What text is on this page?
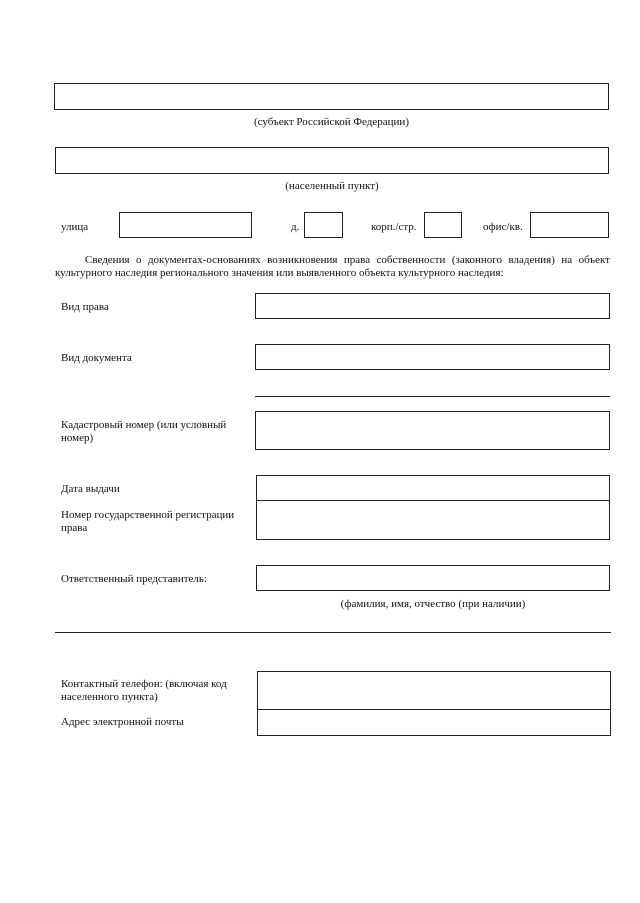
(субъект Российской Федерации)
(населенный пункт)
улица	д.	корп./стр.	офис/кв.
Сведения о документах-основаниях возникновения права собственности (законного владения) на объект культурного наследия регионального значения или выявленного объекта культурного наследия:
Вид права
Вид документа
Кадастровый номер (или условный
номер)
Дата выдачи
Номер государственной регистрации
права
Ответственный представитель:
(фамилия, имя, отчество (при наличии)
Контактный телефон: (включая код
населенного пункта)
Адрес электронной почты
